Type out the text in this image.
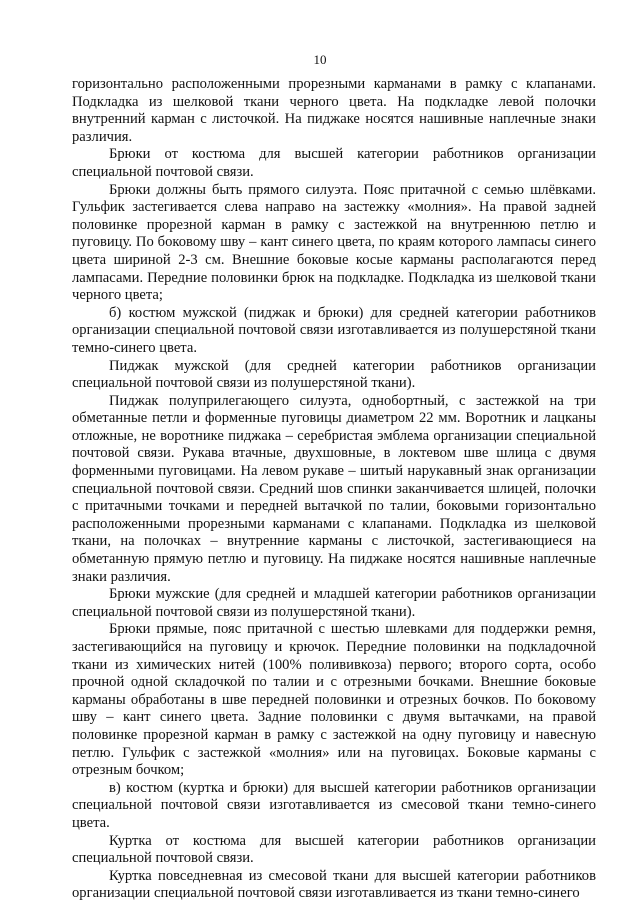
10

горизонтально расположенными прорезными карманами в рамку с клапанами. Подкладка из шелковой ткани черного цвета. На подкладке левой полочки внутренний карман с листочкой. На пиджаке носятся нашивные наплечные знаки различия.

Брюки от костюма для высшей категории работников организации специальной почтовой связи.

Брюки должны быть прямого силуэта. Пояс притачной с семью шлёвками. Гульфик застегивается слева направо на застежку «молния». На правой задней половинке прорезной карман в рамку с застежкой на внутреннюю петлю и пуговицу. По боковому шву – кант синего цвета, по краям которого лампасы синего цвета шириной 2-3 см. Внешние боковые косые карманы располагаются перед лампасами. Передние половинки брюк на подкладке. Подкладка из шелковой ткани черного цвета;

б) костюм мужской (пиджак и брюки) для средней категории работников организации специальной почтовой связи изготавливается из полушерстяной ткани темно-синего цвета.

Пиджак мужской (для средней категории работников организации специальной почтовой связи из полушерстяной ткани).

Пиджак полуприлегающего силуэта, однобортный, с застежкой на три обметанные петли и форменные пуговицы диаметром 22 мм. Воротник и лацканы отложные, не воротнике пиджака – серебристая эмблема организации специальной почтовой связи. Рукава втачные, двухшовные, в локтевом шве шлица с двумя форменными пуговицами. На левом рукаве – шитый нарукавный знак организации специальной почтовой связи. Средний шов спинки заканчивается шлицей, полочки с притачными точками и передней вытачкой по талии, боковыми горизонтально расположенными прорезными карманами с клапанами. Подкладка из шелковой ткани, на полочках – внутренние карманы с листочкой, застегивающиеся на обметанную прямую петлю и пуговицу. На пиджаке носятся нашивные наплечные знаки различия.

Брюки мужские (для средней и младшей категории работников организации специальной почтовой связи из полушерстяной ткани).

Брюки прямые, пояс притачной с шестью шлевками для поддержки ремня, застегивающийся на пуговицу и крючок. Передние половинки на подкладочной ткани из химических нитей (100% полививкоза) первого; второго сорта, особо прочной одной складочкой по талии и с отрезными бочками. Внешние боковые карманы обработаны в шве передней половинки и отрезных бочков. По боковому шву – кант синего цвета. Задние половинки с двумя вытачками, на правой половинке прорезной карман в рамку с застежкой на одну пуговицу и навесную петлю. Гульфик с застежкой «молния» или на пуговицах. Боковые карманы с отрезным бочком;

в) костюм (куртка и брюки) для высшей категории работников организации специальной почтовой связи изготавливается из смесовой ткани темно-синего цвета.

Куртка от костюма для высшей категории работников организации специальной почтовой связи.

Куртка повседневная из смесовой ткани для высшей категории работников организации специальной почтовой связи изготавливается из ткани темно-синего
